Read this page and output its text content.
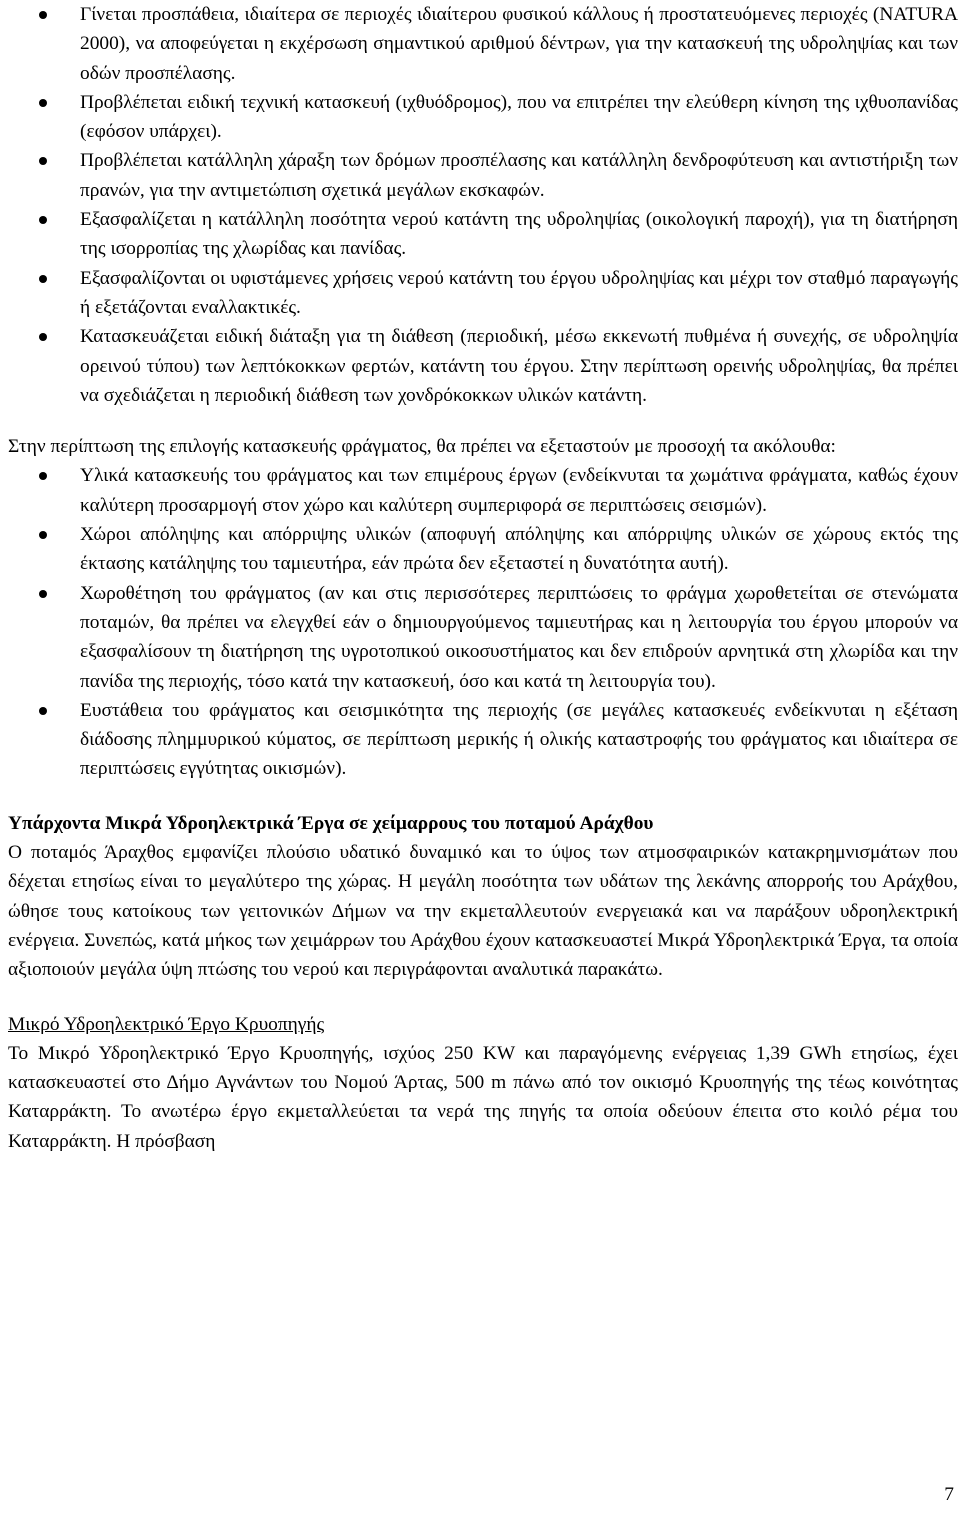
Γίνεται προσπάθεια, ιδιαίτερα σε περιοχές ιδιαίτερου φυσικού κάλλους ή προστατευόμενες περιοχές (NATURA 2000), να αποφεύγεται η εκχέρσωση σημαντικού αριθμού δέντρων, για την κατασκευή της υδροληψίας και των οδών προσπέλασης.
Προβλέπεται ειδική τεχνική κατασκευή (ιχθυόδρομος), που να επιτρέπει την ελεύθερη κίνηση της ιχθυοπανίδας (εφόσον υπάρχει).
Προβλέπεται κατάλληλη χάραξη των δρόμων προσπέλασης και κατάλληλη δενδροφύτευση και αντιστήριξη των πρανών, για την αντιμετώπιση σχετικά μεγάλων εκσκαφών.
Εξασφαλίζεται η κατάλληλη ποσότητα νερού κατάντη της υδροληψίας (οικολογική παροχή), για τη διατήρηση της ισορροπίας της χλωρίδας και πανίδας.
Εξασφαλίζονται οι υφιστάμενες χρήσεις νερού κατάντη του έργου υδροληψίας και μέχρι τον σταθμό παραγωγής ή εξετάζονται εναλλακτικές.
Κατασκευάζεται ειδική διάταξη για τη διάθεση (περιοδική, μέσω εκκενωτή πυθμένα ή συνεχής, σε υδροληψία ορεινού τύπου) των λεπτόκοκκων φερτών, κατάντη του έργου. Στην περίπτωση ορεινής υδροληψίας, θα πρέπει να σχεδιάζεται η περιοδική διάθεση των χονδρόκοκκων υλικών κατάντη.

Στην περίπτωση της επιλογής κατασκευής φράγματος, θα πρέπει να εξεταστούν με προσοχή τα ακόλουθα:

Υλικά κατασκευής του φράγματος και των επιμέρους έργων (ενδείκνυται τα χωμάτινα φράγματα, καθώς έχουν καλύτερη προσαρμογή στον χώρο και καλύτερη συμπεριφορά σε περιπτώσεις σεισμών).
Χώροι απόληψης και απόρριψης υλικών (αποφυγή απόληψης και απόρριψης υλικών σε χώρους εκτός της έκτασης κατάληψης του ταμιευτήρα, εάν πρώτα δεν εξεταστεί η δυνατότητα αυτή).
Χωροθέτηση του φράγματος (αν και στις περισσότερες περιπτώσεις το φράγμα χωροθετείται σε στενώματα ποταμών, θα πρέπει να ελεγχθεί εάν ο δημιουργούμενος ταμιευτήρας και η λειτουργία του έργου μπορούν να εξασφαλίσουν τη διατήρηση της υγροτοπικού οικοσυστήματος και δεν επιδρούν αρνητικά στη χλωρίδα και την πανίδα της περιοχής, τόσο κατά την κατασκευή, όσο και κατά τη λειτουργία του).
Ευστάθεια του φράγματος και σεισμικότητα της περιοχής (σε μεγάλες κατασκευές ενδείκνυται η εξέταση διάδοσης πλημμυρικού κύματος, σε περίπτωση μερικής ή ολικής καταστροφής του φράγματος και ιδιαίτερα σε περιπτώσεις εγγύτητας οικισμών).

Υπάρχοντα Μικρά Υδροηλεκτρικά Έργα σε χείμαρρους του ποταμού Αράχθου

Ο ποταμός Άραχθος εμφανίζει πλούσιο υδατικό δυναμικό και το ύψος των ατμοσφαιρικών κατακρημνισμάτων που δέχεται ετησίως είναι το μεγαλύτερο της χώρας. Η μεγάλη ποσότητα των υδάτων της λεκάνης απορροής του Αράχθου, ώθησε τους κατοίκους των γειτονικών Δήμων να την εκμεταλλευτούν ενεργειακά και να παράξουν υδροηλεκτρική ενέργεια. Συνεπώς, κατά μήκος των χειμάρρων του Αράχθου έχουν κατασκευαστεί Μικρά Υδροηλεκτρικά Έργα, τα οποία αξιοποιούν μεγάλα ύψη πτώσης του νερού και περιγράφονται αναλυτικά παρακάτω.

Μικρό Υδροηλεκτρικό Έργο Κρυοπηγής

Το Μικρό Υδροηλεκτρικό Έργο Κρυοπηγής, ισχύος 250 KW και παραγόμενης ενέργειας 1,39 GWh ετησίως, έχει κατασκευαστεί στο Δήμο Αγνάντων του Νομού Άρτας, 500 m πάνω από τον οικισμό Κρυοπηγής της τέως κοινότητας Καταρράκτη. Το ανωτέρω έργο εκμεταλλεύεται τα νερά της πηγής τα οποία οδεύουν έπειτα στο κοιλό ρέμα του Καταρράκτη. Η πρόσβαση

7
